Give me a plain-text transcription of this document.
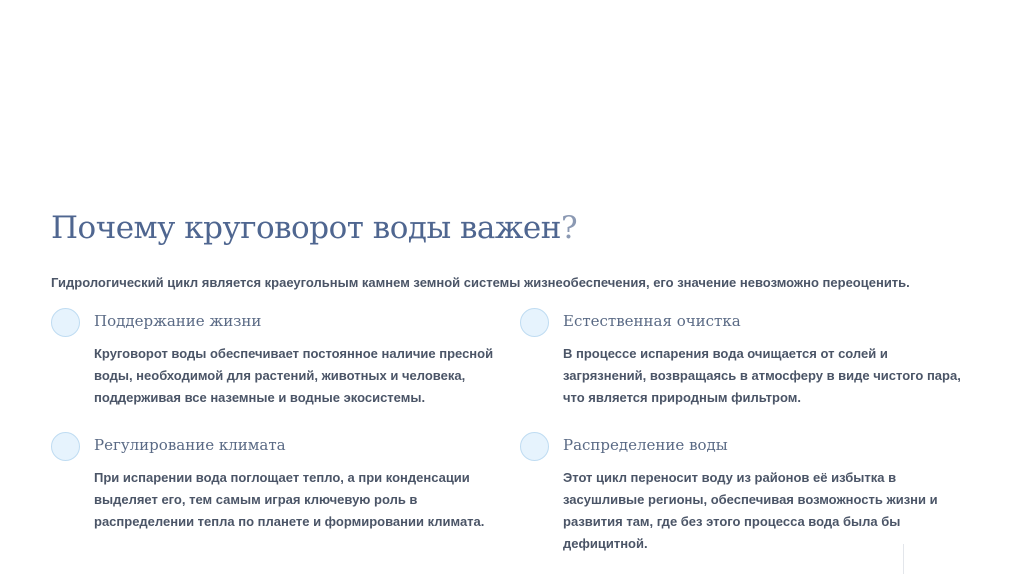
Почему круговорот воды важен?

Гидрологический цикл является краеугольным камнем земной системы жизнеобеспечения, его значение невозможно переоценить.

Поддержание жизни

Круговорот воды обеспечивает постоянное наличие пресной воды, необходимой для растений, животных и человека, поддерживая все наземные и водные экосистемы.

Естественная очистка

В процессе испарения вода очищается от солей и загрязнений, возвращаясь в атмосферу в виде чистого пара, что является природным фильтром.

Регулирование климата

При испарении вода поглощает тепло, а при конденсации выделяет его, тем самым играя ключевую роль в распределении тепла по планете и формировании климата.

Распределение воды

Этот цикл переносит воду из районов её избытка в засушливые регионы, обеспечивая возможность жизни и развития там, где без этого процесса вода была бы дефицитной.
